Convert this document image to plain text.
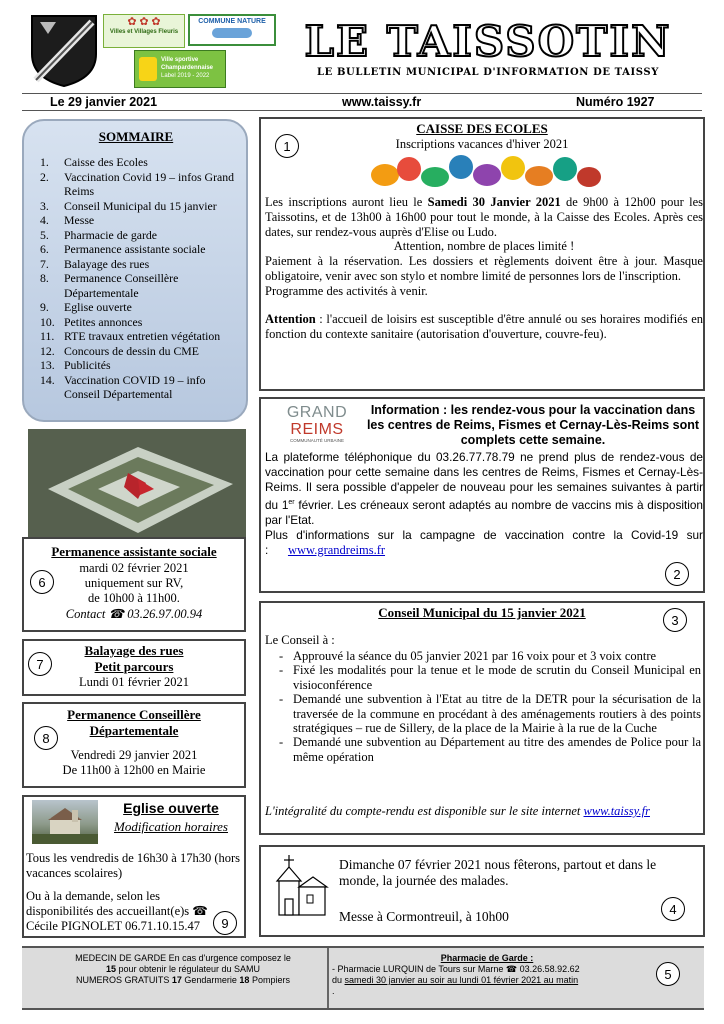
✿ ✿ ✿
Villes et Villages Fleuris
COMMUNE NATURE
Ville sportive
Champardennaise
Label 2019 - 2022
LE TAISSOTIN
LE BULLETIN MUNICIPAL D'INFORMATION DE TAISSY
Le 29 janvier 2021	www.taissy.fr	Numéro 1927
SOMMAIRE
1.	Caisse des Ecoles
2.	Vaccination Covid 19 – infos Grand Reims
3.	Conseil Municipal du 15 janvier
4.	Messe
5.	Pharmacie de garde
6.	Permanence assistante sociale
7.	Balayage des rues
8.	Permanence Conseillère Départementale
9.	Eglise ouverte
10. Petites annonces
11. RTE travaux entretien végétation
12. Concours de dessin du CME
13. Publicités
14. Vaccination COVID 19 – info Conseil Départemental
Permanence assistante sociale
mardi 02 février 2021
uniquement sur RV,
de 10h00 à 11h00.
Contact ☎ 03.26.97.00.94
6
Balayage des rues
Petit parcours
Lundi 01 février 2021
7
Permanence Conseillère
Départementale
Vendredi 29 janvier 2021
De 11h00 à 12h00 en Mairie
8
Eglise ouverte
Modification horaires

Tous les vendredis de 16h30 à 17h30 (hors vacances scolaires)

Ou à la demande, selon les disponibilités des accueillant(e)s ☎ Cécile PIGNOLET 06.71.10.15.47	9
CAISSE DES ECOLES
Inscriptions vacances d'hiver 2021

Les inscriptions auront lieu le Samedi 30 Janvier 2021 de 9h00 à 12h00 pour les Taissotins, et de 13h00 à 16h00 pour tout le monde, à la Caisse des Ecoles. Après ces dates, sur rendez-vous auprès d'Elise ou Ludo.

Attention, nombre de places limité !

Paiement à la réservation. Les dossiers et règlements doivent être à jour. Masque obligatoire, venir avec son stylo et nombre limité de personnes lors de l'inscription.

Programme des activités à venir.

Attention : l'accueil de loisirs est susceptible d'être annulé ou ses horaires modifiés en fonction du contexte sanitaire (autorisation d'ouverture, couvre-feu).

1
GRAND
REIMS
COMMUNAUTÉ URBAINE
Information : les rendez-vous pour la vaccination dans les centres de Reims, Fismes et Cernay-Lès-Reims sont complets cette semaine.

La plateforme téléphonique du 03.26.77.78.79 ne prend plus de rendez-vous de vaccination pour cette semaine dans les centres de Reims, Fismes et Cernay-Lès-Reims. Il sera possible d'appeler de nouveau pour les semaines suivantes à partir du 1er février. Les créneaux seront adaptés au nombre de vaccins mis à disposition par l'Etat.

Plus d'informations sur la campagne de vaccination contre la Covid-19 sur : www.grandreims.fr

2
Conseil Municipal du 15 janvier 2021

Le Conseil à :

- Approuvé la séance du 05 janvier 2021 par 16 voix pour et 3 voix contre
- Fixé les modalités pour la tenue et le mode de scrutin du Conseil Municipal en visioconférence
- Demandé une subvention à l'Etat au titre de la DETR pour la sécurisation de la traversée de la commune en procédant à des aménagements routiers à des points stratégiques – rue de Sillery, de la place de la Mairie à la rue de la Cuche
- Demandé une subvention au Département au titre des amendes de Police pour la même opération

L'intégralité du compte-rendu est disponible sur le site internet www.taissy.fr

3

Dimanche 07 février 2021 nous fêterons, partout et dans le monde, la journée des malades.

Messe à Cormontreuil, à 10h00	4
MEDECIN DE GARDE En cas d'urgence composez le
15 pour obtenir le régulateur du SAMU
NUMEROS GRATUITS 17 Gendarmerie 18 Pompiers
Pharmacie de Garde :
- Pharmacie LURQUIN de Tours sur Marne ☎ 03.26.58.92.62
du samedi 30 janvier au soir au lundi 01 février 2021 au matin
.
5
